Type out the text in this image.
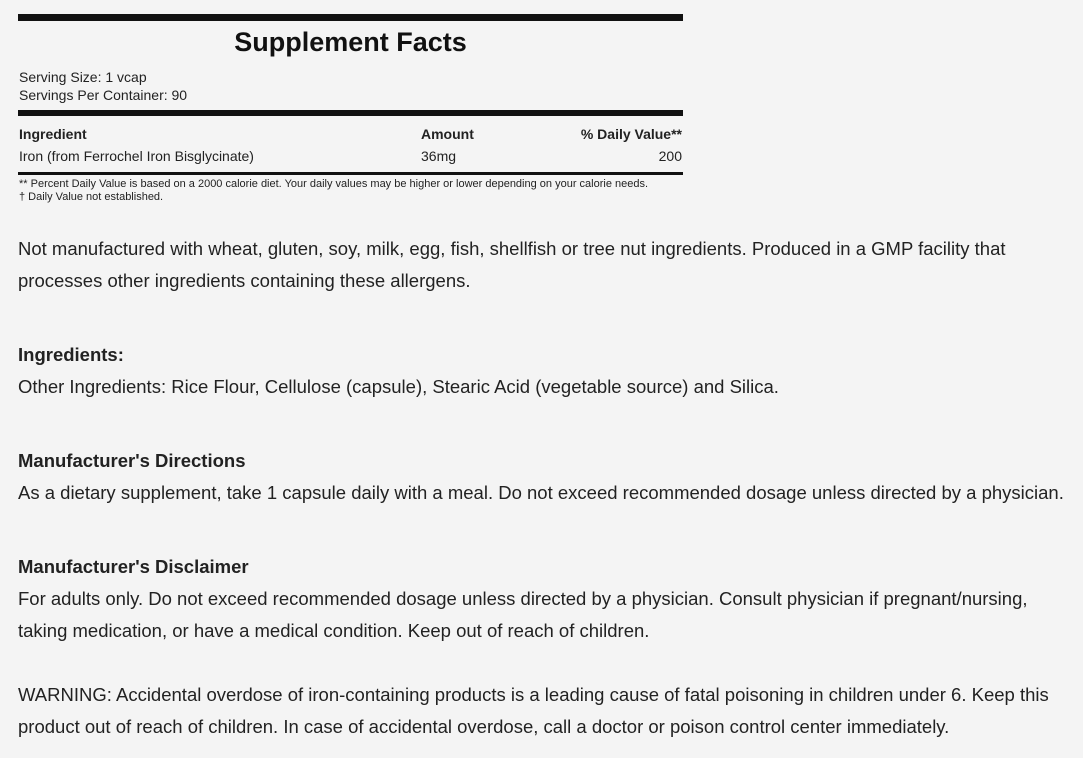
Supplement Facts
Serving Size: 1 vcap
Servings Per Container: 90
Ingredient	Amount	% Daily Value**
Iron (from Ferrochel Iron Bisglycinate)	36mg	200
** Percent Daily Value is based on a 2000 calorie diet. Your daily values may be higher or lower depending on your calorie needs.
† Daily Value not established.

Not manufactured with wheat, gluten, soy, milk, egg, fish, shellfish or tree nut ingredients. Produced in a GMP facility that processes other ingredients containing these allergens.

Ingredients:

Other Ingredients: Rice Flour, Cellulose (capsule), Stearic Acid (vegetable source) and Silica.

Manufacturer's Directions

As a dietary supplement, take 1 capsule daily with a meal. Do not exceed recommended dosage unless directed by a physician.

Manufacturer's Disclaimer

For adults only. Do not exceed recommended dosage unless directed by a physician. Consult physician if pregnant/nursing, taking medication, or have a medical condition. Keep out of reach of children.

WARNING: Accidental overdose of iron-containing products is a leading cause of fatal poisoning in children under 6. Keep this product out of reach of children. In case of accidental overdose, call a doctor or poison control center immediately.
